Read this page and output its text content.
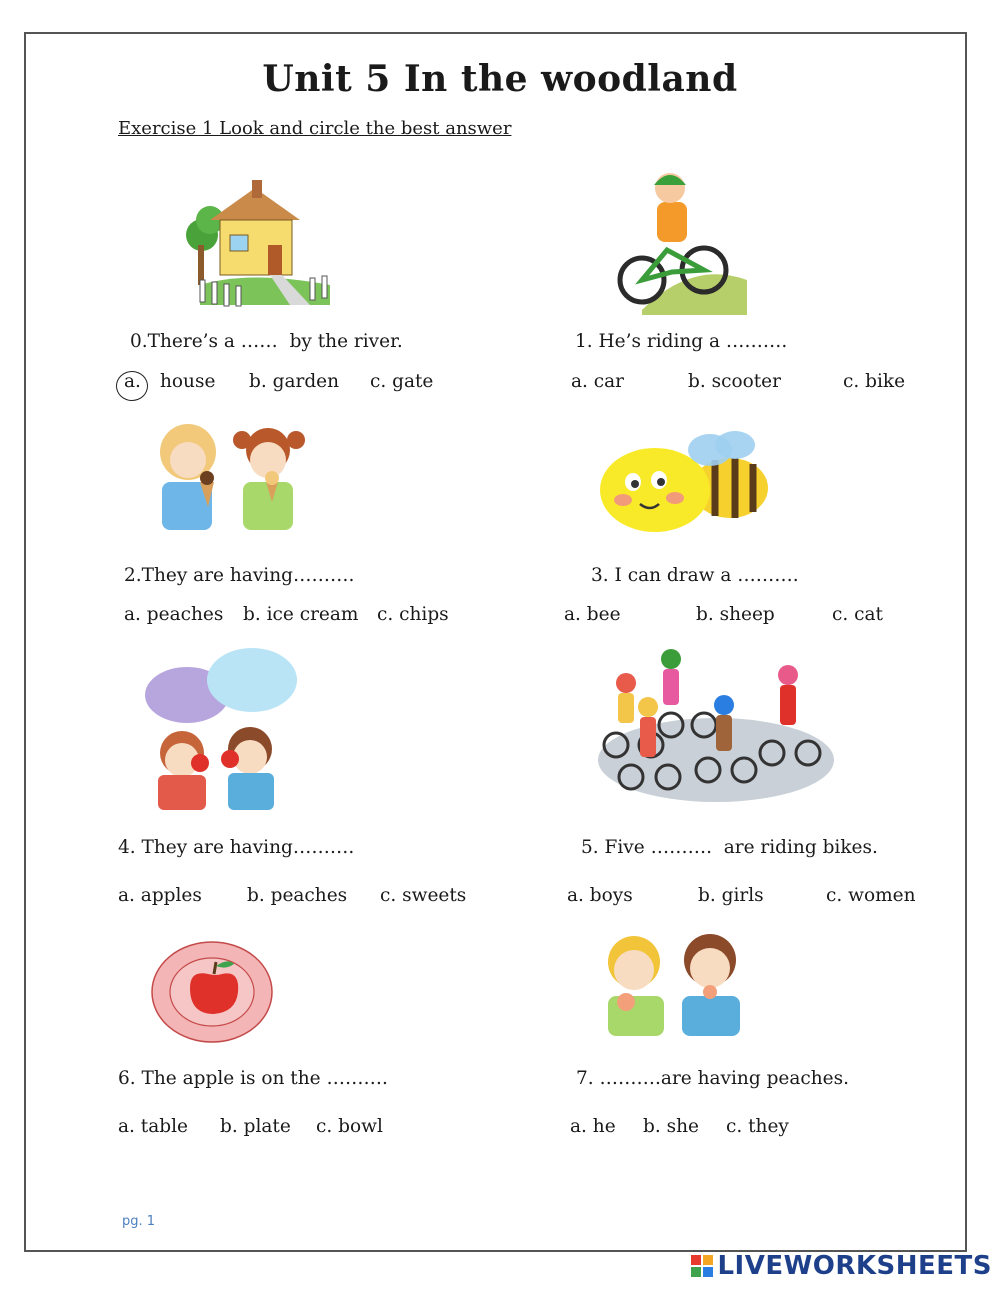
Unit 5 In the woodland
Exercise 1 Look and circle the best answer
0.There’s a ……  by the river.
a. house b. garden c. gate
1. He’s riding a ……….
a. car	b. scooter	c. bike
2.They are having……….
a. peaches b. ice cream c. chips
3. I can draw a ……….
a. bee	b. sheep	c. cat
4. They are having……….
a. apples b. peaches c. sweets
5. Five ……….  are riding bikes.
a. boys	b. girls	c. women
6. The apple is on the ……….
a. table b. plate c. bowl
7. ……….are having peaches.
a. he b. she c. they
pg. 1
LIVEWORKSHEETS
